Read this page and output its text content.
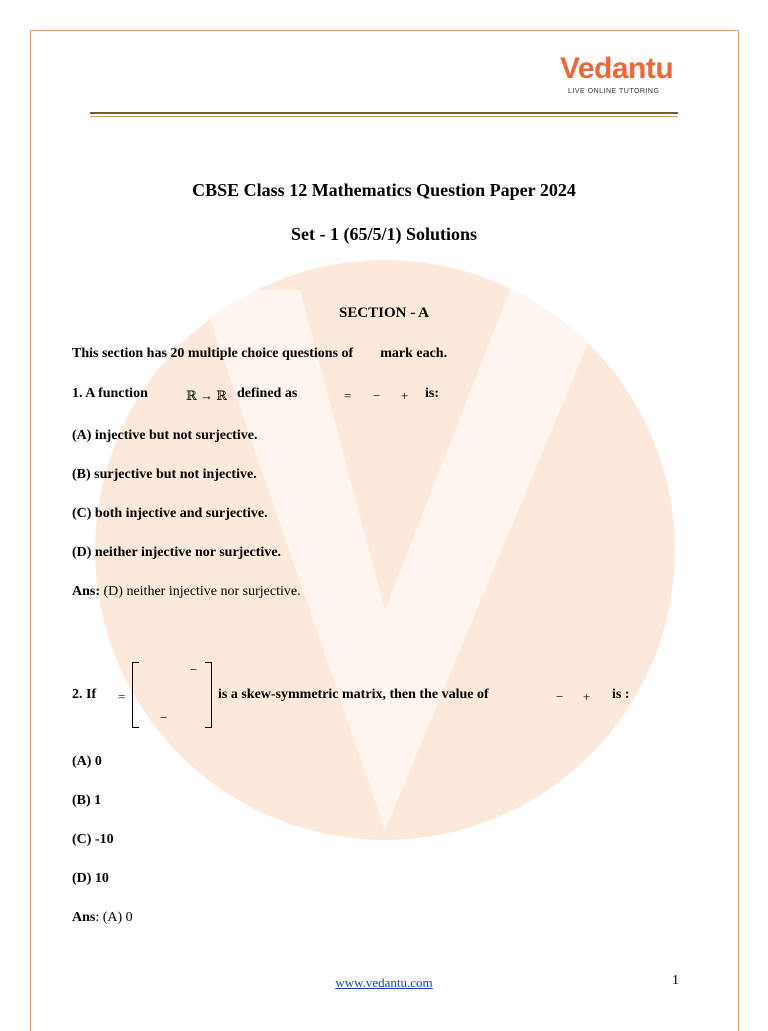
Vedantu
LIVE ONLINE TUTORING
CBSE Class 12 Mathematics Question Paper 2024
Set - 1 (65/5/1) Solutions
SECTION - A
This section has 20 multiple choice questions of mark each.
1. A function	ℝ → ℝ defined as	= − + is:
(A) injective but not surjective.
(B) surjective but not injective.
(C) both injective and surjective.
(D) neither injective nor surjective.
Ans: (D) neither injective nor surjective.
2. If =
−
−
is a skew-symmetric matrix, then the value of	− + is :
(A) 0
(B) 1
(C) -10
(D) 10
Ans: (A) 0
www.vedantu.com	1
